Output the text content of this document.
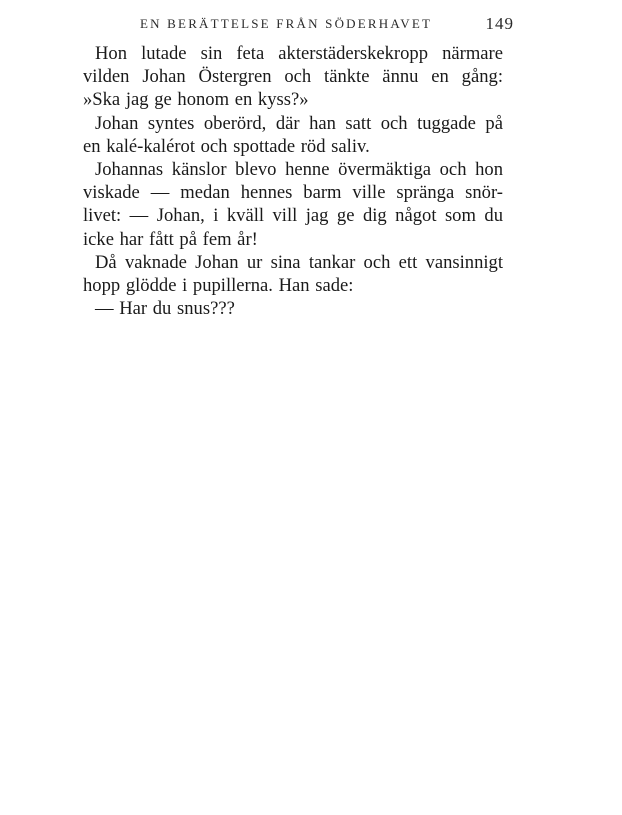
EN BERÄTTELSE FRÅN SÖDERHAVET	149
Hon lutade sin feta akterstäderskekropp närmare
vilden Johan Östergren och tänkte ännu en gång:
»Ska jag ge honom en kyss?»
Johan syntes oberörd, där han satt och tuggade på
en kalé-kalérot och spottade röd saliv.
Johannas känslor blevo henne övermäktiga och hon
viskade — medan hennes barm ville spränga snör-
livet: — Johan, i kväll vill jag ge dig något som du
icke har fått på fem år!
Då vaknade Johan ur sina tankar och ett vansinnigt
hopp glödde i pupillerna. Han sade:
— Har du snus???
